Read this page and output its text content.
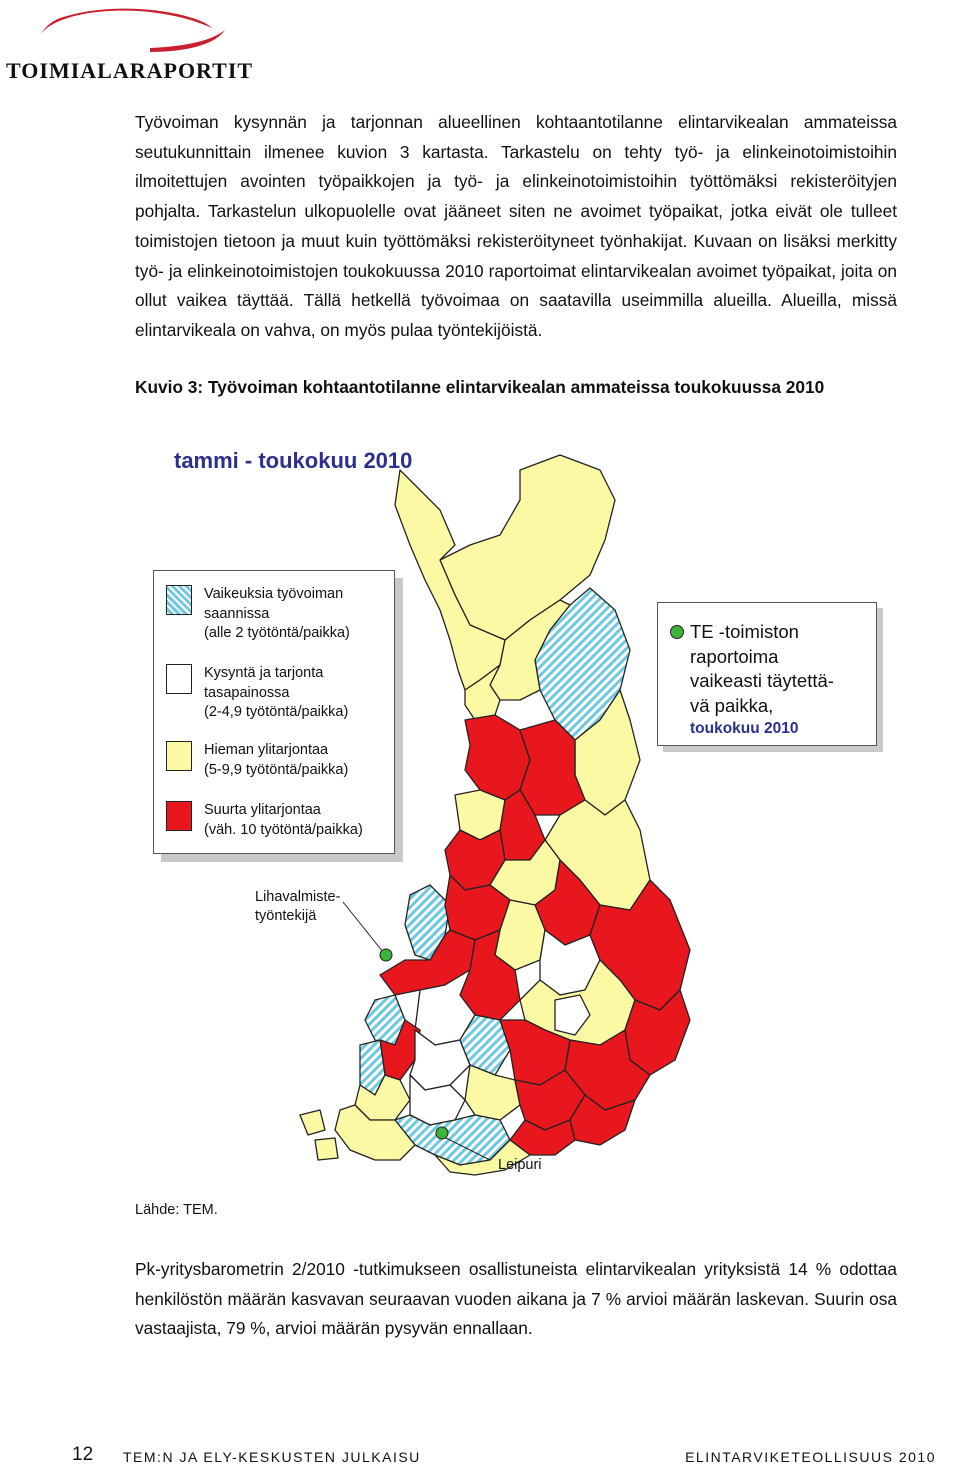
TOIMIALARAPORTIT

Työvoiman kysynnän ja tarjonnan alueellinen kohtaantotilanne elintarvikealan ammateissa seutukunnittain ilmenee kuvion 3 kartasta. Tarkastelu on tehty työ- ja elinkeinotoimistoihin ilmoitettujen avointen työpaikkojen ja työ- ja elinkeinotoimistoihin työttömäksi rekisteröityjen pohjalta. Tarkastelun ulkopuolelle ovat jääneet siten ne avoimet työpaikat, jotka eivät ole tulleet toimistojen tietoon ja muut kuin työttömäksi rekisteröityneet työnhakijat. Kuvaan on lisäksi merkitty työ- ja elinkeinotoimistojen toukokuussa 2010 raportoimat elintarvikealan avoimet työpaikat, joita on ollut vaikea täyttää. Tällä hetkellä työvoimaa on saatavilla useimmilla alueilla. Alueilla, missä elintarvikeala on vahva, on myös pulaa työntekijöistä.

Kuvio 3: Työvoiman kohtaantotilanne elintarvikealan ammateissa toukokuussa 2010

tammi - toukokuu 2010
Vaikeuksia työvoiman
saannissa
(alle 2 työtöntä/paikka)
Kysyntä ja tarjonta
tasapainossa
(2-4,9 työtöntä/paikka)
Hieman ylitarjontaa
(5-9,9 työtöntä/paikka)
Suurta ylitarjontaa
(väh. 10 työtöntä/paikka)
TE -toimiston
raportoima
vaikeasti täytettä-
vä paikka,
toukokuu 2010
Lihavalmiste-
työntekijä
Leipuri
Lähde: TEM.

Pk-yritysbarometrin 2/2010 -tutkimukseen osallistuneista elintarvikealan yrityksistä 14 % odottaa henkilöstön määrän kasvavan seuraavan vuoden aikana ja 7 % arvioi määrän laskevan. Suurin osa vastaajista, 79 %, arvioi määrän pysyvän ennallaan.

12 TEM:N JA ELY-KESKUSTEN JULKAISU	ELINTARVIKETEOLLISUUS 2010
